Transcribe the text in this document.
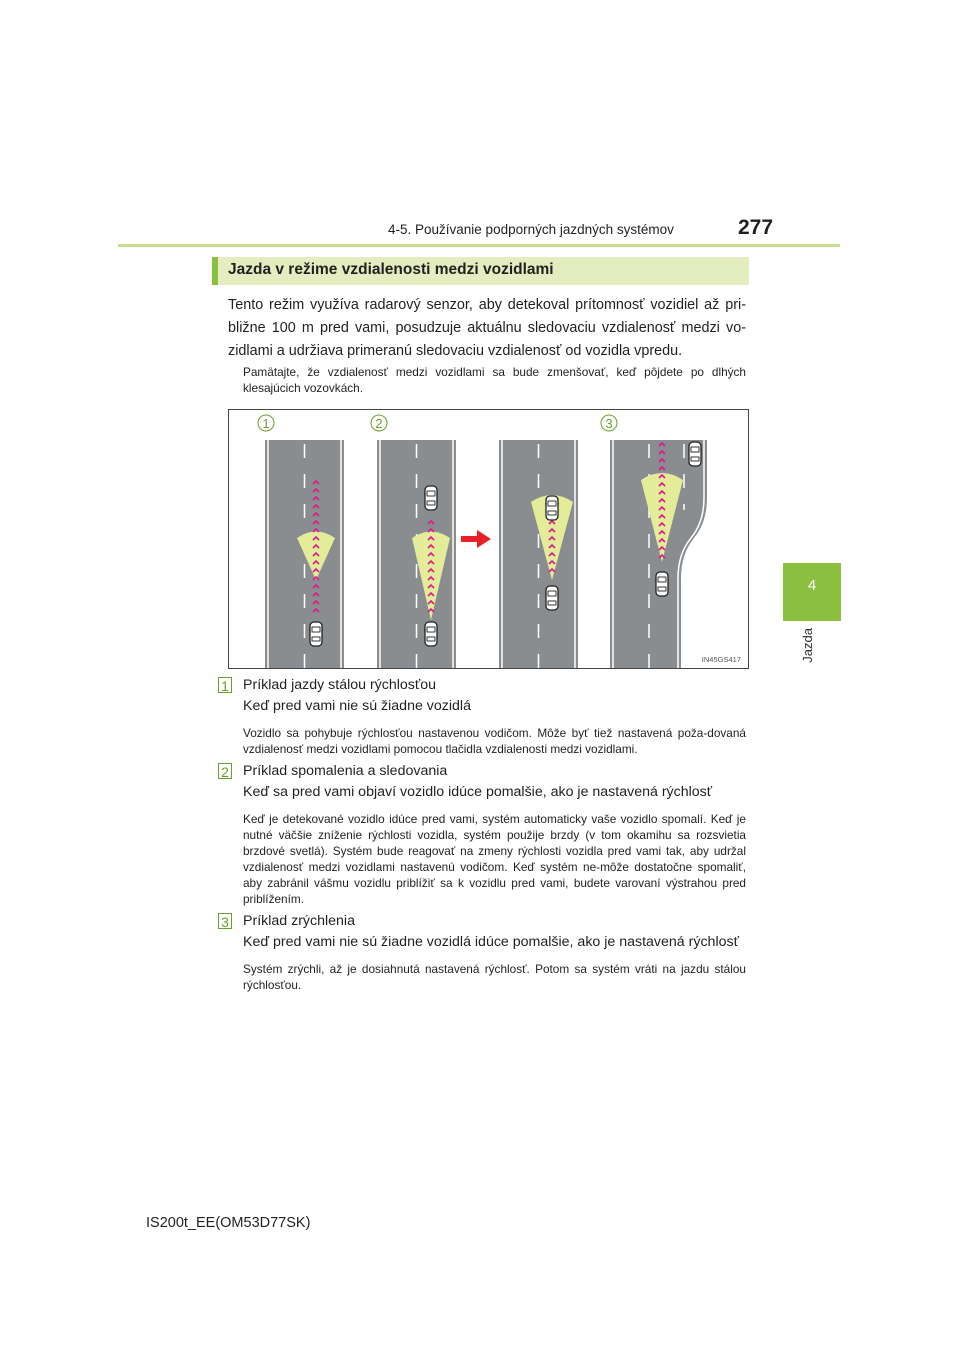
4-5. Používanie podporných jazdných systémov	277
4
Jazda
Jazda v režime vzdialenosti medzi vozidlami
Tento režim využíva radarový senzor, aby detekoval prítomnosť vozidiel až pri-bližne 100 m pred vami, posudzuje aktuálnu sledovaciu vzdialenosť medzi vo-zidlami a udržiava primeranú sledovaciu vzdialenosť od vozidla vpredu.
Pamätajte, že vzdialenosť medzi vozidlami sa bude zmenšovať, keď pôjdete po dlhých klesajúcich vozovkách.
1	2	3
IN45GS417
1 Príklad jazdy stálou rýchlosťou
Keď pred vami nie sú žiadne vozidlá
Vozidlo sa pohybuje rýchlosťou nastavenou vodičom. Môže byť tiež nastavená poža-dovaná vzdialenosť medzi vozidlami pomocou tlačidla vzdialenosti medzi vozidlami.
2 Príklad spomalenia a sledovania
Keď sa pred vami objaví vozidlo idúce pomalšie, ako je nastavená rýchlosť
Keď je detekované vozidlo idúce pred vami, systém automaticky vaše vozidlo spomalí. Keď je nutné väčšie zníženie rýchlosti vozidla, systém použije brzdy (v tom okamihu sa rozsvietia brzdové svetlá). Systém bude reagovať na zmeny rýchlosti vozidla pred vami tak, aby udržal vzdialenosť medzi vozidlami nastavenú vodičom. Keď systém ne-môže dostatočne spomaliť, aby zabránil vášmu vozidlu priblížiť sa k vozidlu pred vami, budete varovaní výstrahou pred priblížením.
3 Príklad zrýchlenia
Keď pred vami nie sú žiadne vozidlá idúce pomalšie, ako je nastavená rýchlosť
Systém zrýchli, až je dosiahnutá nastavená rýchlosť. Potom sa systém vráti na jazdu stálou rýchlosťou.
IS200t_EE(OM53D77SK)
